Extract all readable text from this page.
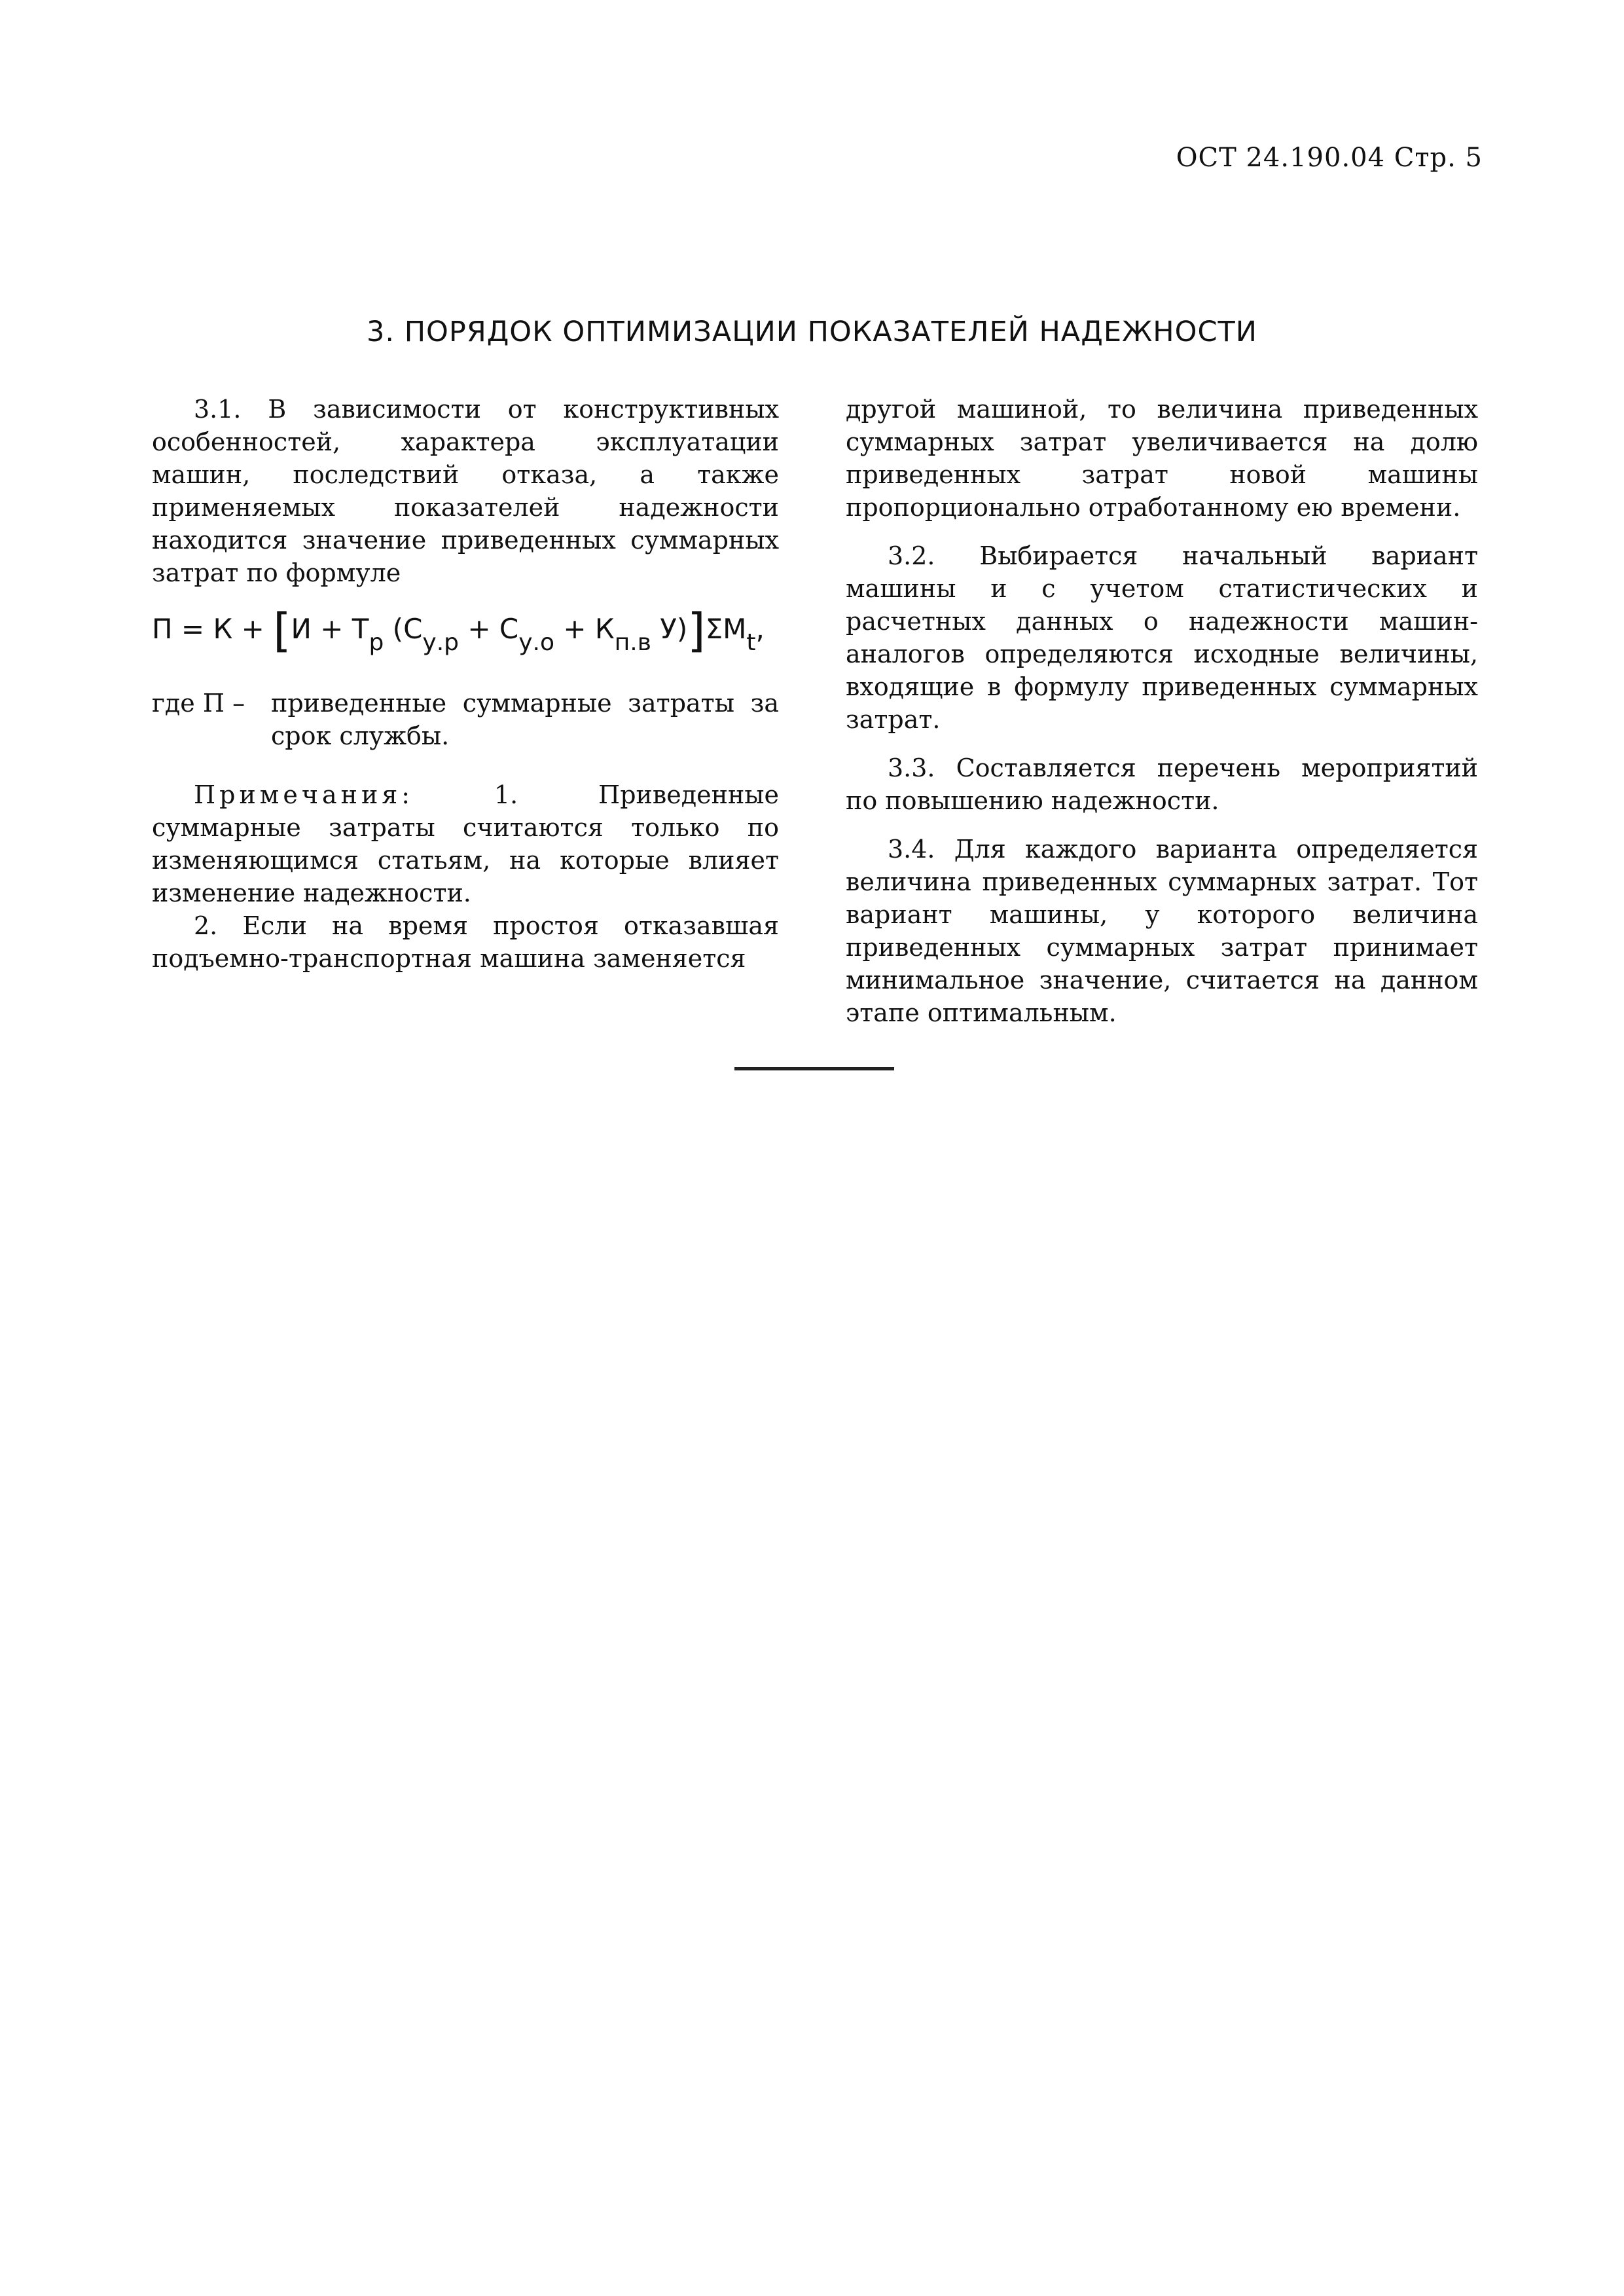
ОСТ 24.190.04 Стр. 5
3. ПОРЯДОК ОПТИМИЗАЦИИ ПОКАЗАТЕЛЕЙ НАДЕЖНОСТИ

3.1. В зависимости от конструктивных особенностей, характера эксплуатации машин, последствий отказа, а также применяемых показателей надежности находится значение приведенных суммарных затрат по формуле

$П = К + [И + Т_р$ ($С_{у.р} + С_{у.о} + К_{п.в}$ $У)]\Sigma M_t$,
где П –	приведенные суммарные затраты за срок службы.

Примечания: 1. Приведенные суммарные затраты считаются только по изменяющимся статьям, на которые влияет изменение надежности.

2. Если на время простоя отказавшая подъемно-транспортная машина заменяется

другой машиной, то величина приведенных суммарных затрат увеличивается на долю приведенных затрат новой машины пропорционально отработанному ею времени.

3.2. Выбирается начальный вариант машины и с учетом статистических и расчетных данных о надежности машин-аналогов определяются исходные величины, входящие в формулу приведенных суммарных затрат.

3.3. Составляется перечень мероприятий по повышению надежности.

3.4. Для каждого варианта определяется величина приведенных суммарных затрат. Тот вариант машины, у которого величина приведенных суммарных затрат принимает минимальное значение, считается на данном этапе оптимальным.
